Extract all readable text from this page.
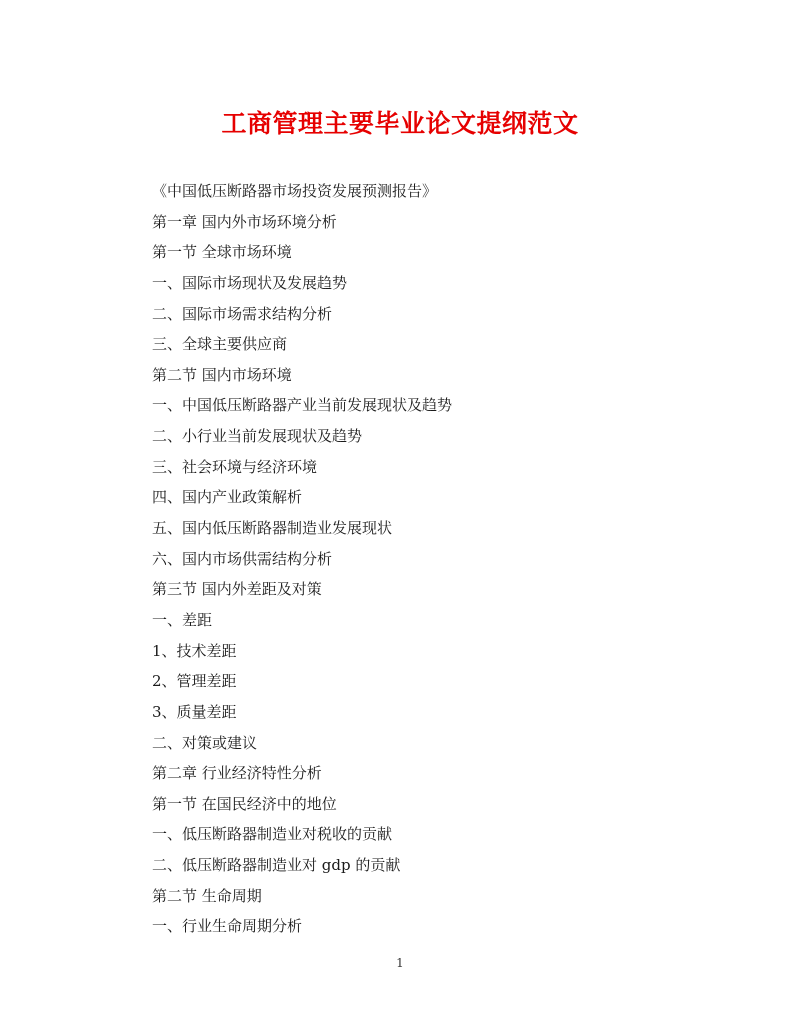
工商管理主要毕业论文提纲范文
《中国低压断路器市场投资发展预测报告》
第一章 国内外市场环境分析
第一节 全球市场环境
一、国际市场现状及发展趋势
二、国际市场需求结构分析
三、全球主要供应商
第二节 国内市场环境
一、中国低压断路器产业当前发展现状及趋势
二、小行业当前发展现状及趋势
三、社会环境与经济环境
四、国内产业政策解析
五、国内低压断路器制造业发展现状
六、国内市场供需结构分析
第三节 国内外差距及对策
一、差距
1、技术差距
2、管理差距
3、质量差距
二、对策或建议
第二章 行业经济特性分析
第一节 在国民经济中的地位
一、低压断路器制造业对税收的贡献
二、低压断路器制造业对 gdp 的贡献
第二节 生命周期
一、行业生命周期分析
1
